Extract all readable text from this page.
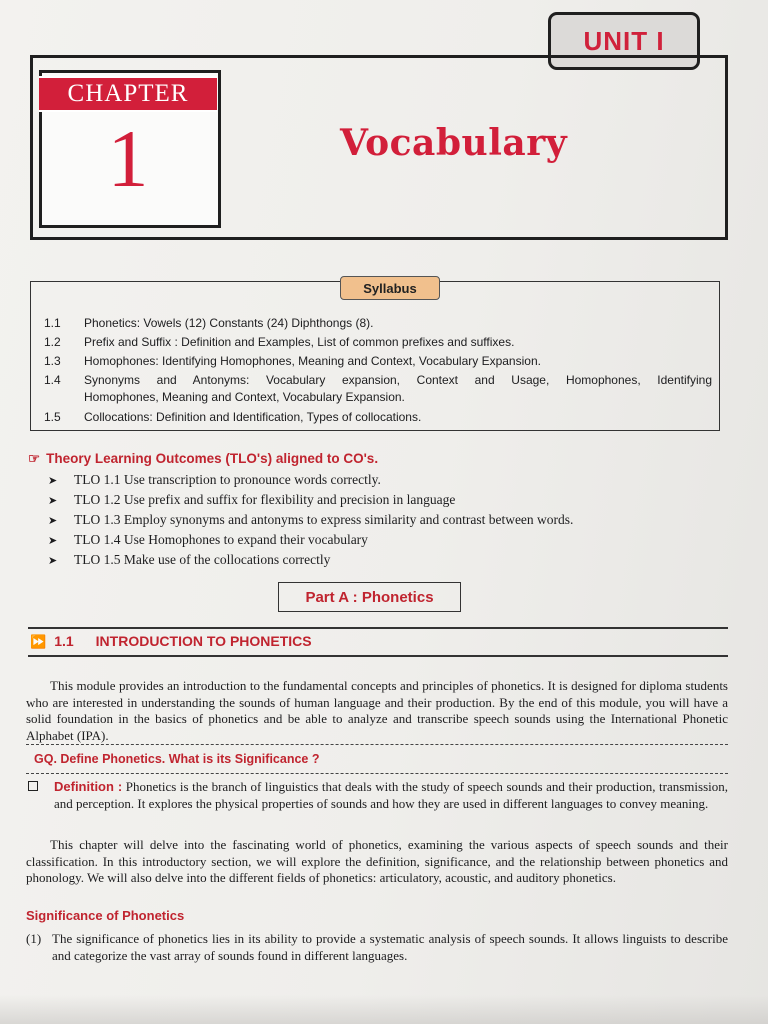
UNIT I
CHAPTER
1	Vocabulary
Syllabus
1.1	Phonetics: Vowels (12) Constants (24) Diphthongs (8).
1.2	Prefix and Suffix : Definition and Examples, List of common prefixes and suffixes.
1.3	Homophones: Identifying Homophones, Meaning and Context, Vocabulary Expansion.
1.4	Synonyms and Antonyms: Vocabulary expansion, Context and Usage, Homophones, Identifying
Homophones, Meaning and Context, Vocabulary Expansion.
1.5	Collocations: Definition and Identification, Types of collocations.
☞ Theory Learning Outcomes (TLO's) aligned to CO's.
➤ TLO 1.1 Use transcription to pronounce words correctly.
➤ TLO 1.2 Use prefix and suffix for flexibility and precision in language
➤ TLO 1.3 Employ synonyms and antonyms to express similarity and contrast between words.
➤ TLO 1.4 Use Homophones to expand their vocabulary
➤ TLO 1.5 Make use of the collocations correctly
Part A : Phonetics
⏩ 1.1 INTRODUCTION TO PHONETICS
This module provides an introduction to the fundamental concepts and principles of phonetics. It is designed for diploma students who are interested in understanding the sounds of human language and their production. By the end of this module, you will have a solid foundation in the basics of phonetics and be able to analyze and transcribe speech sounds using the International Phonetic Alphabet (IPA).
GQ. Define Phonetics. What is its Significance ?
Definition : Phonetics is the branch of linguistics that deals with the study of speech sounds and their production, transmission, and perception. It explores the physical properties of sounds and how they are used in different languages to convey meaning.
This chapter will delve into the fascinating world of phonetics, examining the various aspects of speech sounds and their classification. In this introductory section, we will explore the definition, significance, and the relationship between phonetics and phonology. We will also delve into the different fields of phonetics: articulatory, acoustic, and auditory phonetics.
Significance of Phonetics
(1) The significance of phonetics lies in its ability to provide a systematic analysis of speech sounds. It allows linguists to describe and categorize the vast array of sounds found in different languages.
